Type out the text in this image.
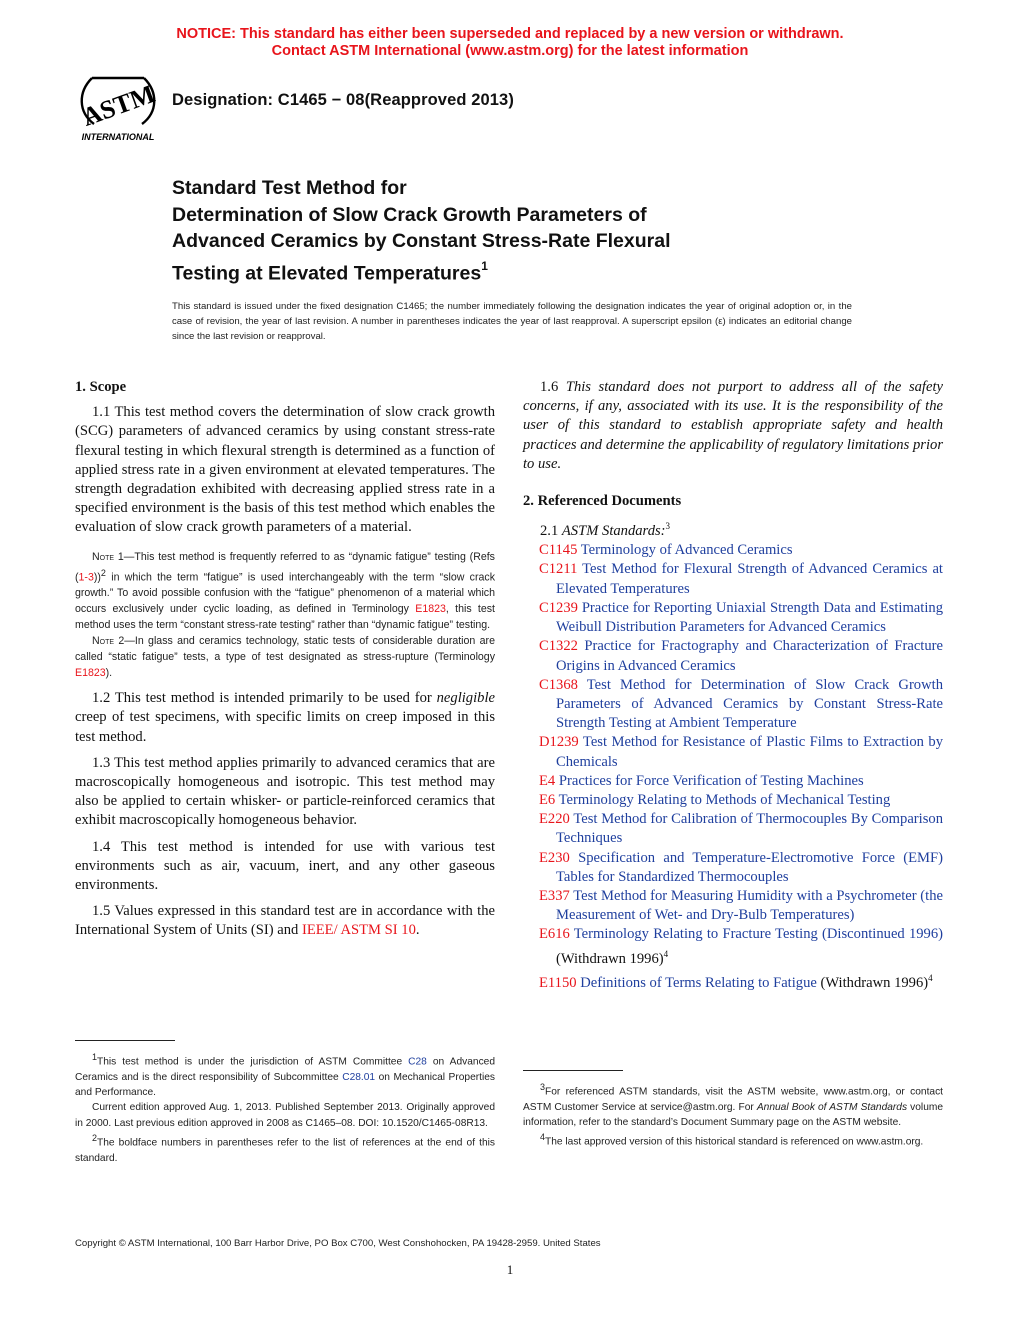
NOTICE: This standard has either been superseded and replaced by a new version or withdrawn.
Contact ASTM International (www.astm.org) for the latest information
ASTM
INTERNATIONAL
Designation: C1465 − 08(Reapproved 2013)
Standard Test Method for
Determination of Slow Crack Growth Parameters of
Advanced Ceramics by Constant Stress-Rate Flexural
Testing at Elevated Temperatures$^1$
This standard is issued under the fixed designation C1465; the number immediately following the designation indicates the year of original adoption or, in the case of revision, the year of last revision. A number in parentheses indicates the year of last reapproval. A superscript epsilon (ε) indicates an editorial change since the last revision or reapproval.

1. Scope

1.1 This test method covers the determination of slow crack growth (SCG) parameters of advanced ceramics by using constant stress-rate flexural testing in which flexural strength is determined as a function of applied stress rate in a given environment at elevated temperatures. The strength degradation exhibited with decreasing applied stress rate in a specified environment is the basis of this test method which enables the evaluation of slow crack growth parameters of a material.

Note 1—This test method is frequently referred to as “dynamic fatigue” testing (Refs (1-3))$^2$ in which the term “fatigue” is used interchangeably with the term “slow crack growth.” To avoid possible confusion with the “fatigue” phenomenon of a material which occurs exclusively under cyclic loading, as defined in Terminology E1823, this test method uses the term “constant stress-rate testing” rather than “dynamic fatigue” testing.

Note 2—In glass and ceramics technology, static tests of considerable duration are called “static fatigue” tests, a type of test designated as stress-rupture (Terminology E1823).

1.2 This test method is intended primarily to be used for negligible creep of test specimens, with specific limits on creep imposed in this test method.

1.3 This test method applies primarily to advanced ceramics that are macroscopically homogeneous and isotropic. This test method may also be applied to certain whisker- or particle-reinforced ceramics that exhibit macroscopically homogeneous behavior.

1.4 This test method is intended for use with various test environments such as air, vacuum, inert, and any other gaseous environments.

1.5 Values expressed in this standard test are in accordance with the International System of Units (SI) and IEEE/ ASTM SI 10.

$^1$This test method is under the jurisdiction of ASTM Committee C28 on Advanced Ceramics and is the direct responsibility of Subcommittee C28.01 on Mechanical Properties and Performance.

Current edition approved Aug. 1, 2013. Published September 2013. Originally approved in 2000. Last previous edition approved in 2008 as C1465–08. DOI: 10.1520/C1465-08R13.

$^2$The boldface numbers in parentheses refer to the list of references at the end of this standard.

1.6 This standard does not purport to address all of the safety concerns, if any, associated with its use. It is the responsibility of the user of this standard to establish appropriate safety and health practices and determine the applicability of regulatory limitations prior to use.

2. Referenced Documents

2.1 ASTM Standards:$^3$

C1145 Terminology of Advanced Ceramics

C1211 Test Method for Flexural Strength of Advanced Ceramics at Elevated Temperatures

C1239 Practice for Reporting Uniaxial Strength Data and Estimating Weibull Distribution Parameters for Advanced Ceramics

C1322 Practice for Fractography and Characterization of Fracture Origins in Advanced Ceramics

C1368 Test Method for Determination of Slow Crack Growth Parameters of Advanced Ceramics by Constant Stress-Rate Strength Testing at Ambient Temperature

D1239 Test Method for Resistance of Plastic Films to Extraction by Chemicals

E4 Practices for Force Verification of Testing Machines

E6 Terminology Relating to Methods of Mechanical Testing

E220 Test Method for Calibration of Thermocouples By Comparison Techniques

E230 Specification and Temperature-Electromotive Force (EMF) Tables for Standardized Thermocouples

E337 Test Method for Measuring Humidity with a Psychrometer (the Measurement of Wet- and Dry-Bulb Temperatures)

E616 Terminology Relating to Fracture Testing (Discontinued 1996) (Withdrawn 1996)$^4$

E1150 Definitions of Terms Relating to Fatigue (Withdrawn 1996)$^4$

$^3$For referenced ASTM standards, visit the ASTM website, www.astm.org, or contact ASTM Customer Service at service@astm.org. For Annual Book of ASTM Standards volume information, refer to the standard’s Document Summary page on the ASTM website.

$^4$The last approved version of this historical standard is referenced on www.astm.org.

Copyright © ASTM International, 100 Barr Harbor Drive, PO Box C700, West Conshohocken, PA 19428-2959. United States
1
